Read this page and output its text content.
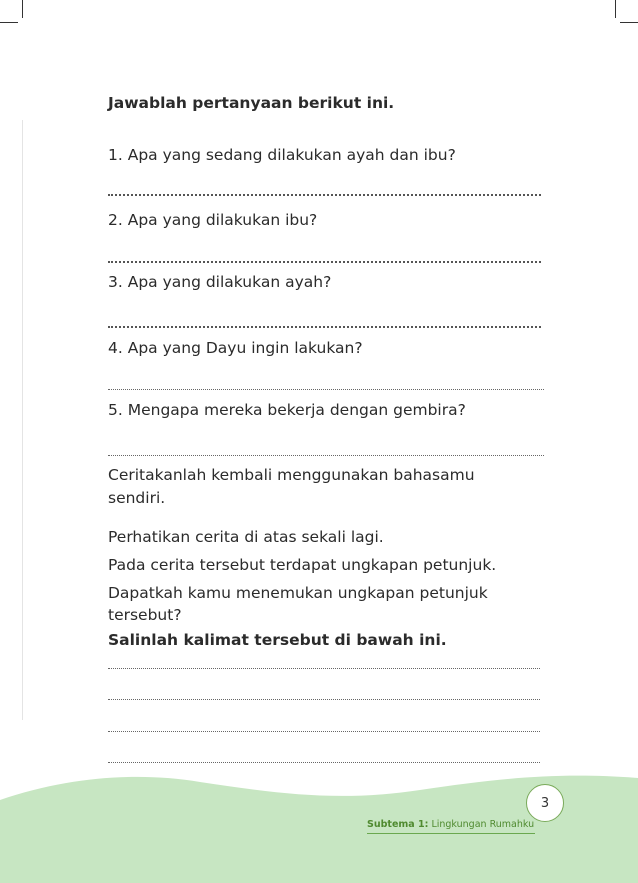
Jawablah pertanyaan berikut ini.
1. Apa yang sedang dilakukan ayah dan ibu?
2. Apa yang dilakukan ibu?
3. Apa yang dilakukan ayah?
4. Apa yang Dayu ingin lakukan?
5. Mengapa mereka bekerja dengan gembira?
Ceritakanlah kembali menggunakan bahasamu
sendiri.
Perhatikan cerita di atas sekali lagi.
Pada cerita tersebut terdapat ungkapan petunjuk.
Dapatkah kamu menemukan ungkapan petunjuk
tersebut?
Salinlah kalimat tersebut di bawah ini.
Subtema 1: Lingkungan Rumahku
3
